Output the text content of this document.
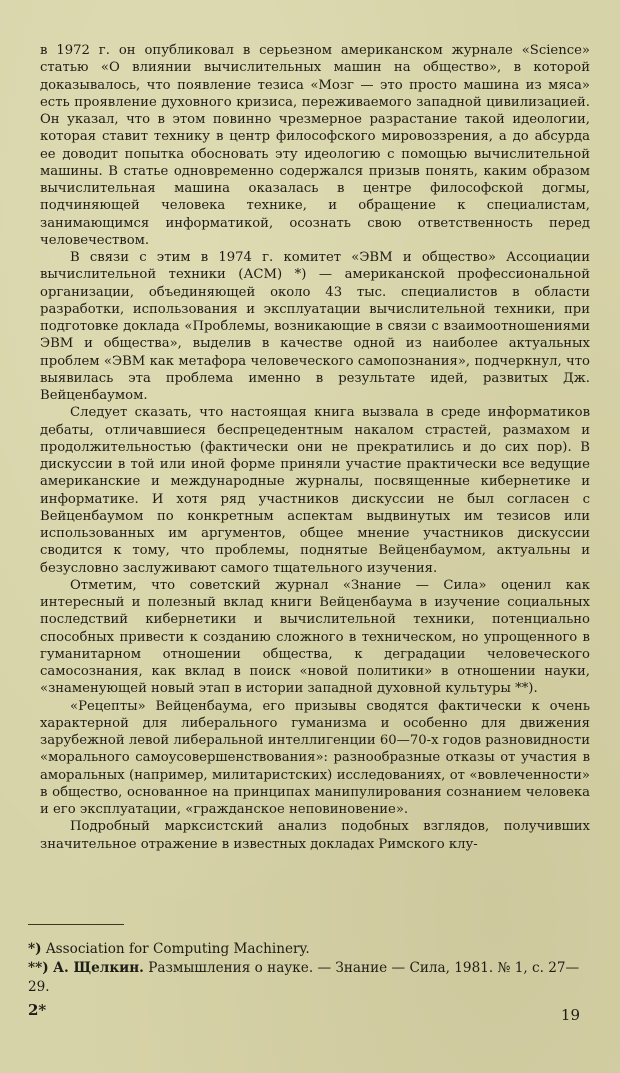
в 1972 г. он опубликовал в серьезном американском журнале «Science» статью «О влиянии вычислительных машин на общество», в которой доказывалось, что появление тезиса «Мозг — это просто машина из мяса» есть проявление духовного кризиса, переживаемого западной цивилизацией. Он указал, что в этом повинно чрезмерное разрастание такой идеологии, которая ставит технику в центр философского мировоззрения, а до абсурда ее доводит попытка обосновать эту идеологию с помощью вычислительной машины. В статье одновременно содержался призыв понять, каким образом вычислительная машина оказалась в центре философской догмы, подчиняющей человека технике, и обращение к специалистам, занимающимся информатикой, осознать свою ответственность перед человечеством.

В связи с этим в 1974 г. комитет «ЭВМ и общество» Ассоциации вычислительной техники (АСМ) *) — американской профессиональной организации, объединяющей около 43 тыс. специалистов в области разработки, использования и эксплуатации вычислительной техники, при подготовке доклада «Проблемы, возникающие в связи с взаимоотношениями ЭВМ и общества», выделив в качестве одной из наиболее актуальных проблем «ЭВМ как метафора человеческого самопознания», подчеркнул, что выявилась эта проблема именно в результате идей, развитых Дж. Вейценбаумом.

Следует сказать, что настоящая книга вызвала в среде информатиков дебаты, отличавшиеся беспрецедентным накалом страстей, размахом и продолжительностью (фактически они не прекратились и до сих пор). В дискуссии в той или иной форме приняли участие практически все ведущие американские и международные журналы, посвященные кибернетике и информатике. И хотя ряд участников дискуссии не был согласен с Вейценбаумом по конкретным аспектам выдвинутых им тезисов или использованных им аргументов, общее мнение участников дискуссии сводится к тому, что проблемы, поднятые Вейценбаумом, актуальны и безусловно заслуживают самого тщательного изучения.

Отметим, что советский журнал «Знание — Сила» оценил как интересный и полезный вклад книги Вейценбаума в изучение социальных последствий кибернетики и вычислительной техники, потенциально способных привести к созданию сложного в техническом, но упрощенного в гуманитарном отношении общества, к деградации человеческого самосознания, как вклад в поиск «новой политики» в отношении науки, «знаменующей новый этап в истории западной духовной культуры **).

«Рецепты» Вейценбаума, его призывы сводятся фактически к очень характерной для либерального гуманизма и особенно для движения зарубежной левой либеральной интеллигенции 60—70-х годов разновидности «морального самоусовершенствования»: разнообразные отказы от участия в аморальных (например, милитаристских) исследованиях, от «вовлеченности» в общество, основанное на принципах манипулирования сознанием человека и его эксплуатации, «гражданское неповиновение».

Подробный марксистский анализ подобных взглядов, получивших значительное отражение в известных докладах Римского клу-

*) Association for Computing Machinery.

**) А. Щелкин. Размышления о науке. — Знание — Сила, 1981. № 1, с. 27—29.

2*	19
